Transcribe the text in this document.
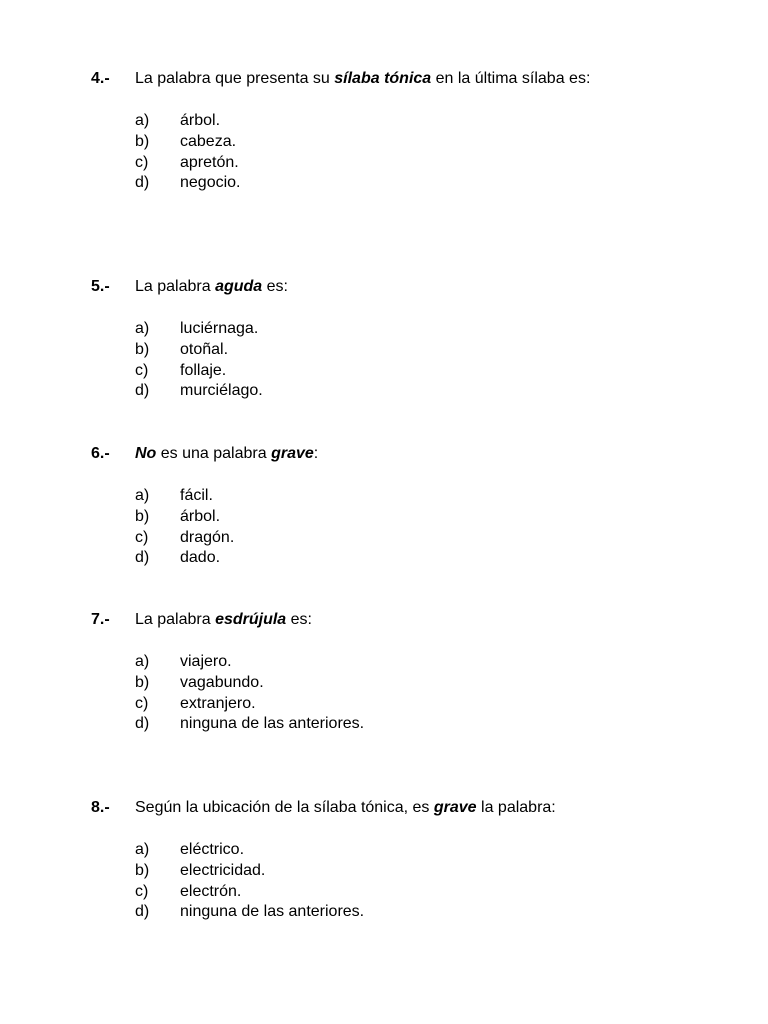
4.- La palabra que presenta su sílaba tónica en la última sílaba es:
a)	árbol.
b)	cabeza.
c)	apretón.
d)	negocio.
5.- La palabra aguda es:
a)	luciérnaga.
b)	otoñal.
c)	follaje.
d)	murciélago.
6.- No es una palabra grave:
a)	fácil.
b)	árbol.
c)	dragón.
d)	dado.
7.- La palabra esdrújula es:
a)	viajero.
b)	vagabundo.
c)	extranjero.
d)	ninguna de las anteriores.
8.- Según la ubicación de la sílaba tónica, es grave la palabra:
a)	eléctrico.
b)	electricidad.
c)	electrón.
d)	ninguna de las anteriores.
